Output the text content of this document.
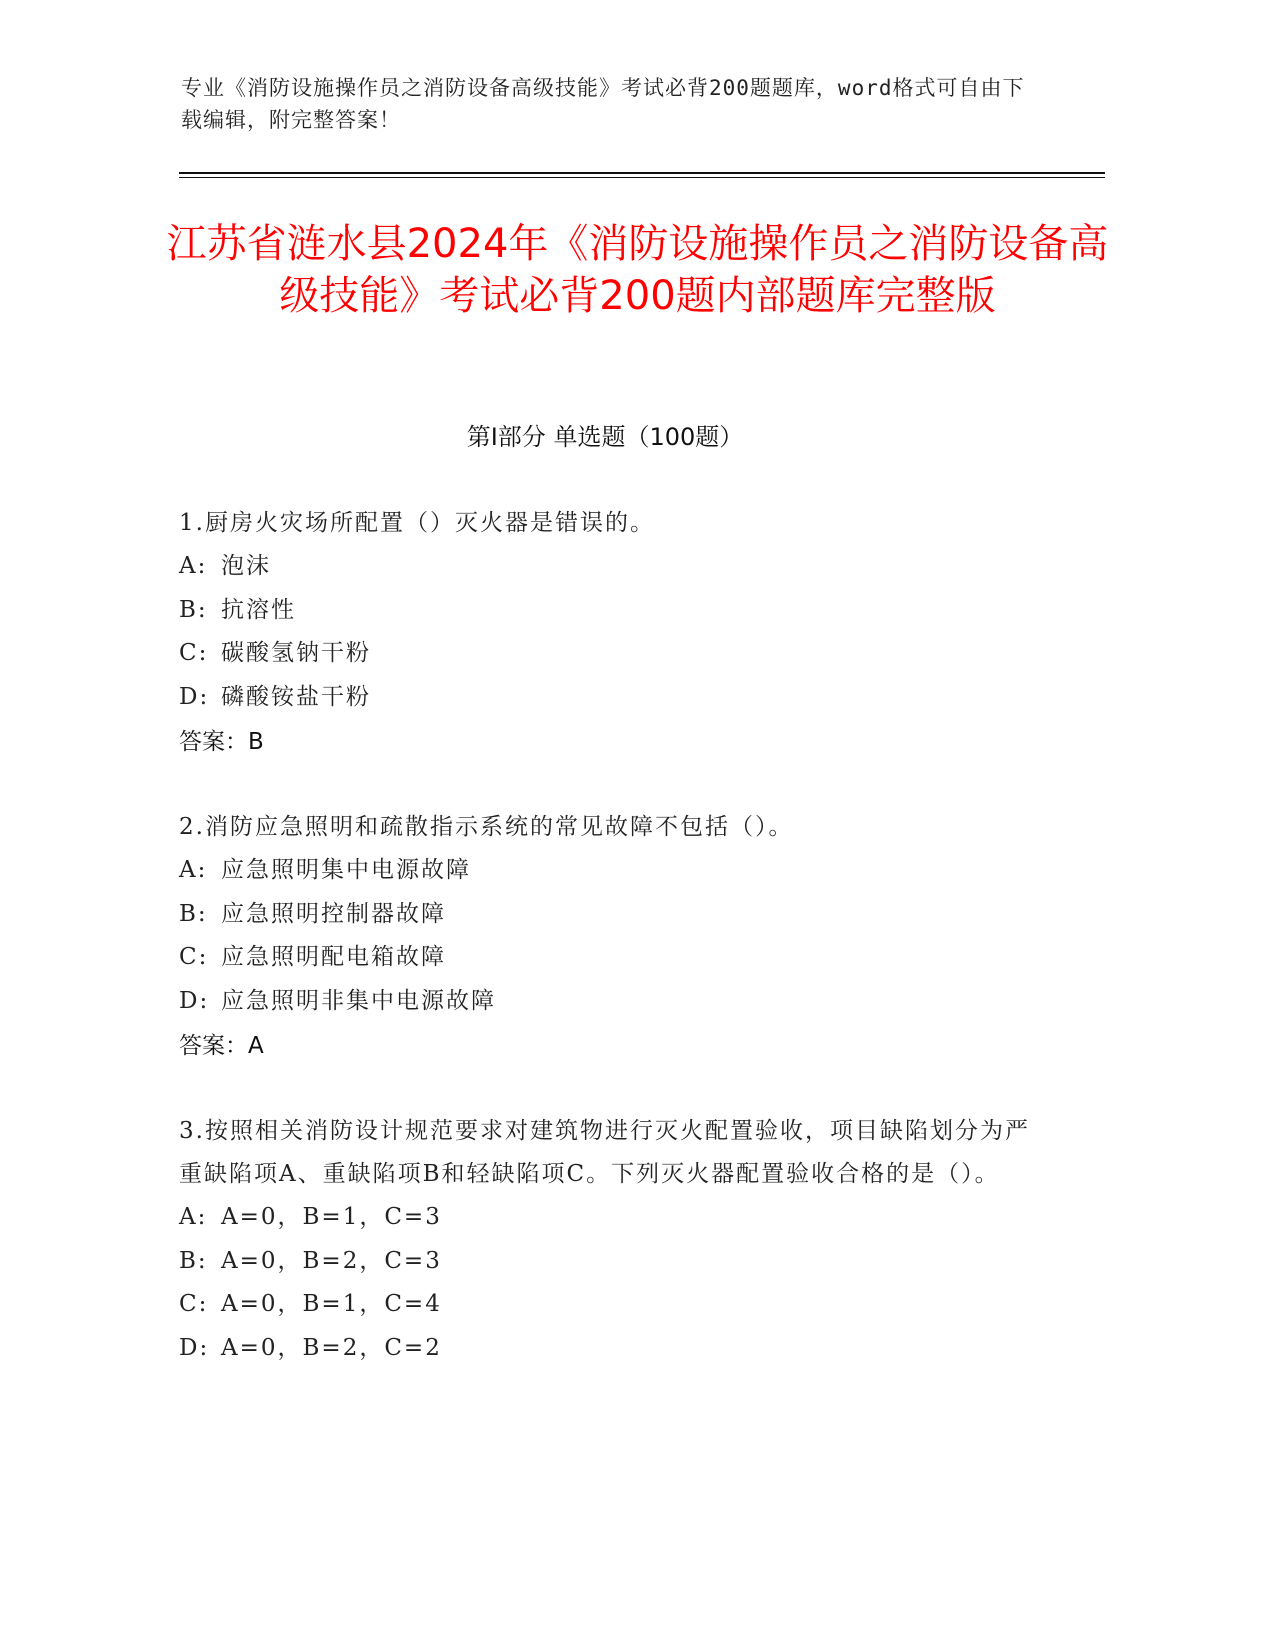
专业《消防设施操作员之消防设备高级技能》考试必背200题题库，word格式可自由下载编辑，附完整答案！
江苏省涟水县2024年《消防设施操作员之消防设备高级技能》考试必背200题内部题库完整版
第Ⅰ部分 单选题（100题）
1.厨房火灾场所配置（）灭火器是错误的。
A: 泡沫
B: 抗溶性
C: 碳酸氢钠干粉
D: 磷酸铵盐干粉
答案：B
2.消防应急照明和疏散指示系统的常见故障不包括（）。
A: 应急照明集中电源故障
B: 应急照明控制器故障
C: 应急照明配电箱故障
D: 应急照明非集中电源故障
答案：A
3.按照相关消防设计规范要求对建筑物进行灭火配置验收，项目缺陷划分为严重缺陷项A、重缺陷项B和轻缺陷项C。下列灭火器配置验收合格的是（）。
A: A=0，B=1，C=3
B: A=0，B=2，C=3
C: A=0，B=1，C=4
D: A=0，B=2，C=2
